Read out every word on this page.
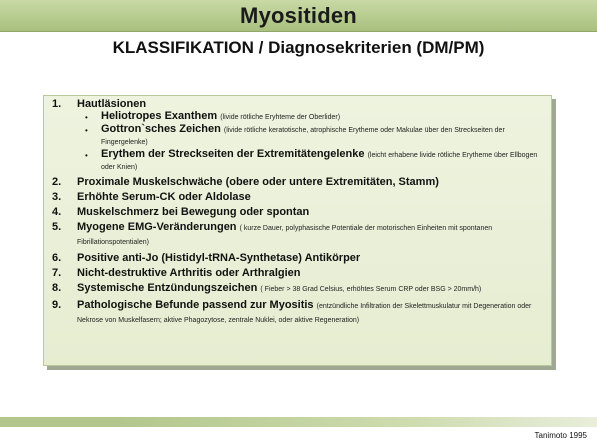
Myositiden
KLASSIFIKATION / Diagnosekriterien (DM/PM)
1. Hautläsionen
• Heliotropes Exanthem (livide rötliche Eryhteme der Oberlider)
• Gottron`sches Zeichen (livide rötliche keratotische, atrophische Erytheme oder Makulae über den Streckseiten der Fingergelenke)
• Erythem der Streckseiten der Extremitätengelenke (leicht erhabene livide rötliche Erytheme über Ellbogen oder Knien)
2. Proximale Muskelschwäche (obere oder untere Extremitäten, Stamm)
3. Erhöhte Serum-CK oder Aldolase
4. Muskelschmerz bei Bewegung oder spontan
5. Myogene EMG-Veränderungen ( kurze Dauer, polyphasische Potentiale der motorischen Einheiten mit spontanen Fibrillationspotentialen)
6. Positive anti-Jo (Histidyl-tRNA-Synthetase) Antikörper
7. Nicht-destruktive Arthritis oder Arthralgien
8. Systemische Entzündungszeichen ( Fieber > 38 Grad Celsius, erhöhtes Serum CRP oder BSG > 20mm/h)
9. Pathologische Befunde passend zur Myositis (entzündliche Infiltration der Skelettmuskulatur mit Degeneration oder Nekrose von Muskelfasern; aktive Phagozytose, zentrale Nuklei, oder aktive Regeneration)
Tanimoto 1995
